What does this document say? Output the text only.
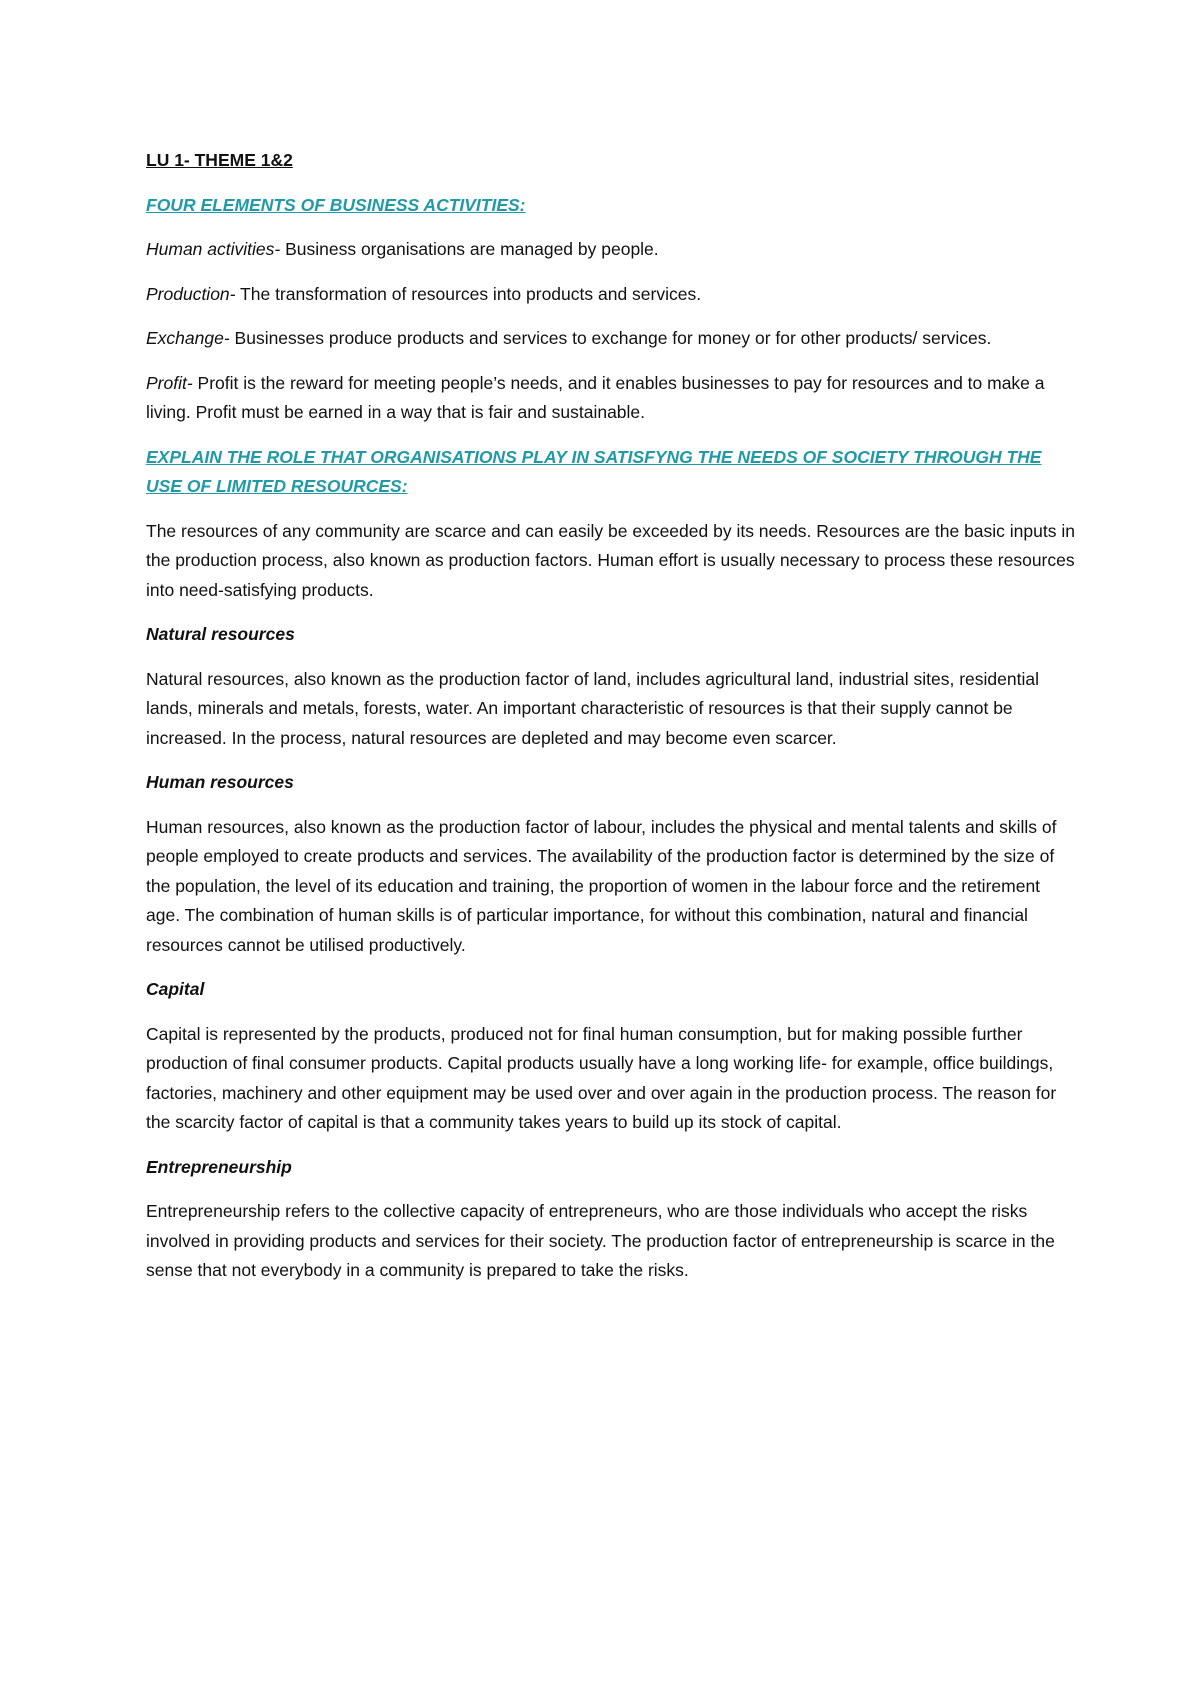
LU 1- THEME 1&2

FOUR ELEMENTS OF BUSINESS ACTIVITIES:

Human activities- Business organisations are managed by people.

Production- The transformation of resources into products and services.

Exchange- Businesses produce products and services to exchange for money or for other products/ services.

Profit- Profit is the reward for meeting people’s needs, and it enables businesses to pay for resources and to make a living. Profit must be earned in a way that is fair and sustainable.

EXPLAIN THE ROLE THAT ORGANISATIONS PLAY IN SATISFYNG THE NEEDS OF SOCIETY THROUGH THE USE OF LIMITED RESOURCES:

The resources of any community are scarce and can easily be exceeded by its needs. Resources are the basic inputs in the production process, also known as production factors. Human effort is usually necessary to process these resources into need-satisfying products.

Natural resources

Natural resources, also known as the production factor of land, includes agricultural land, industrial sites, residential lands, minerals and metals, forests, water. An important characteristic of resources is that their supply cannot be increased. In the process, natural resources are depleted and may become even scarcer.

Human resources

Human resources, also known as the production factor of labour, includes the physical and mental talents and skills of people employed to create products and services. The availability of the production factor is determined by the size of the population, the level of its education and training, the proportion of women in the labour force and the retirement age. The combination of human skills is of particular importance, for without this combination, natural and financial resources cannot be utilised productively.

Capital

Capital is represented by the products, produced not for final human consumption, but for making possible further production of final consumer products. Capital products usually have a long working life- for example, office buildings, factories, machinery and other equipment may be used over and over again in the production process. The reason for the scarcity factor of capital is that a community takes years to build up its stock of capital.

Entrepreneurship

Entrepreneurship refers to the collective capacity of entrepreneurs, who are those individuals who accept the risks involved in providing products and services for their society. The production factor of entrepreneurship is scarce in the sense that not everybody in a community is prepared to take the risks.
